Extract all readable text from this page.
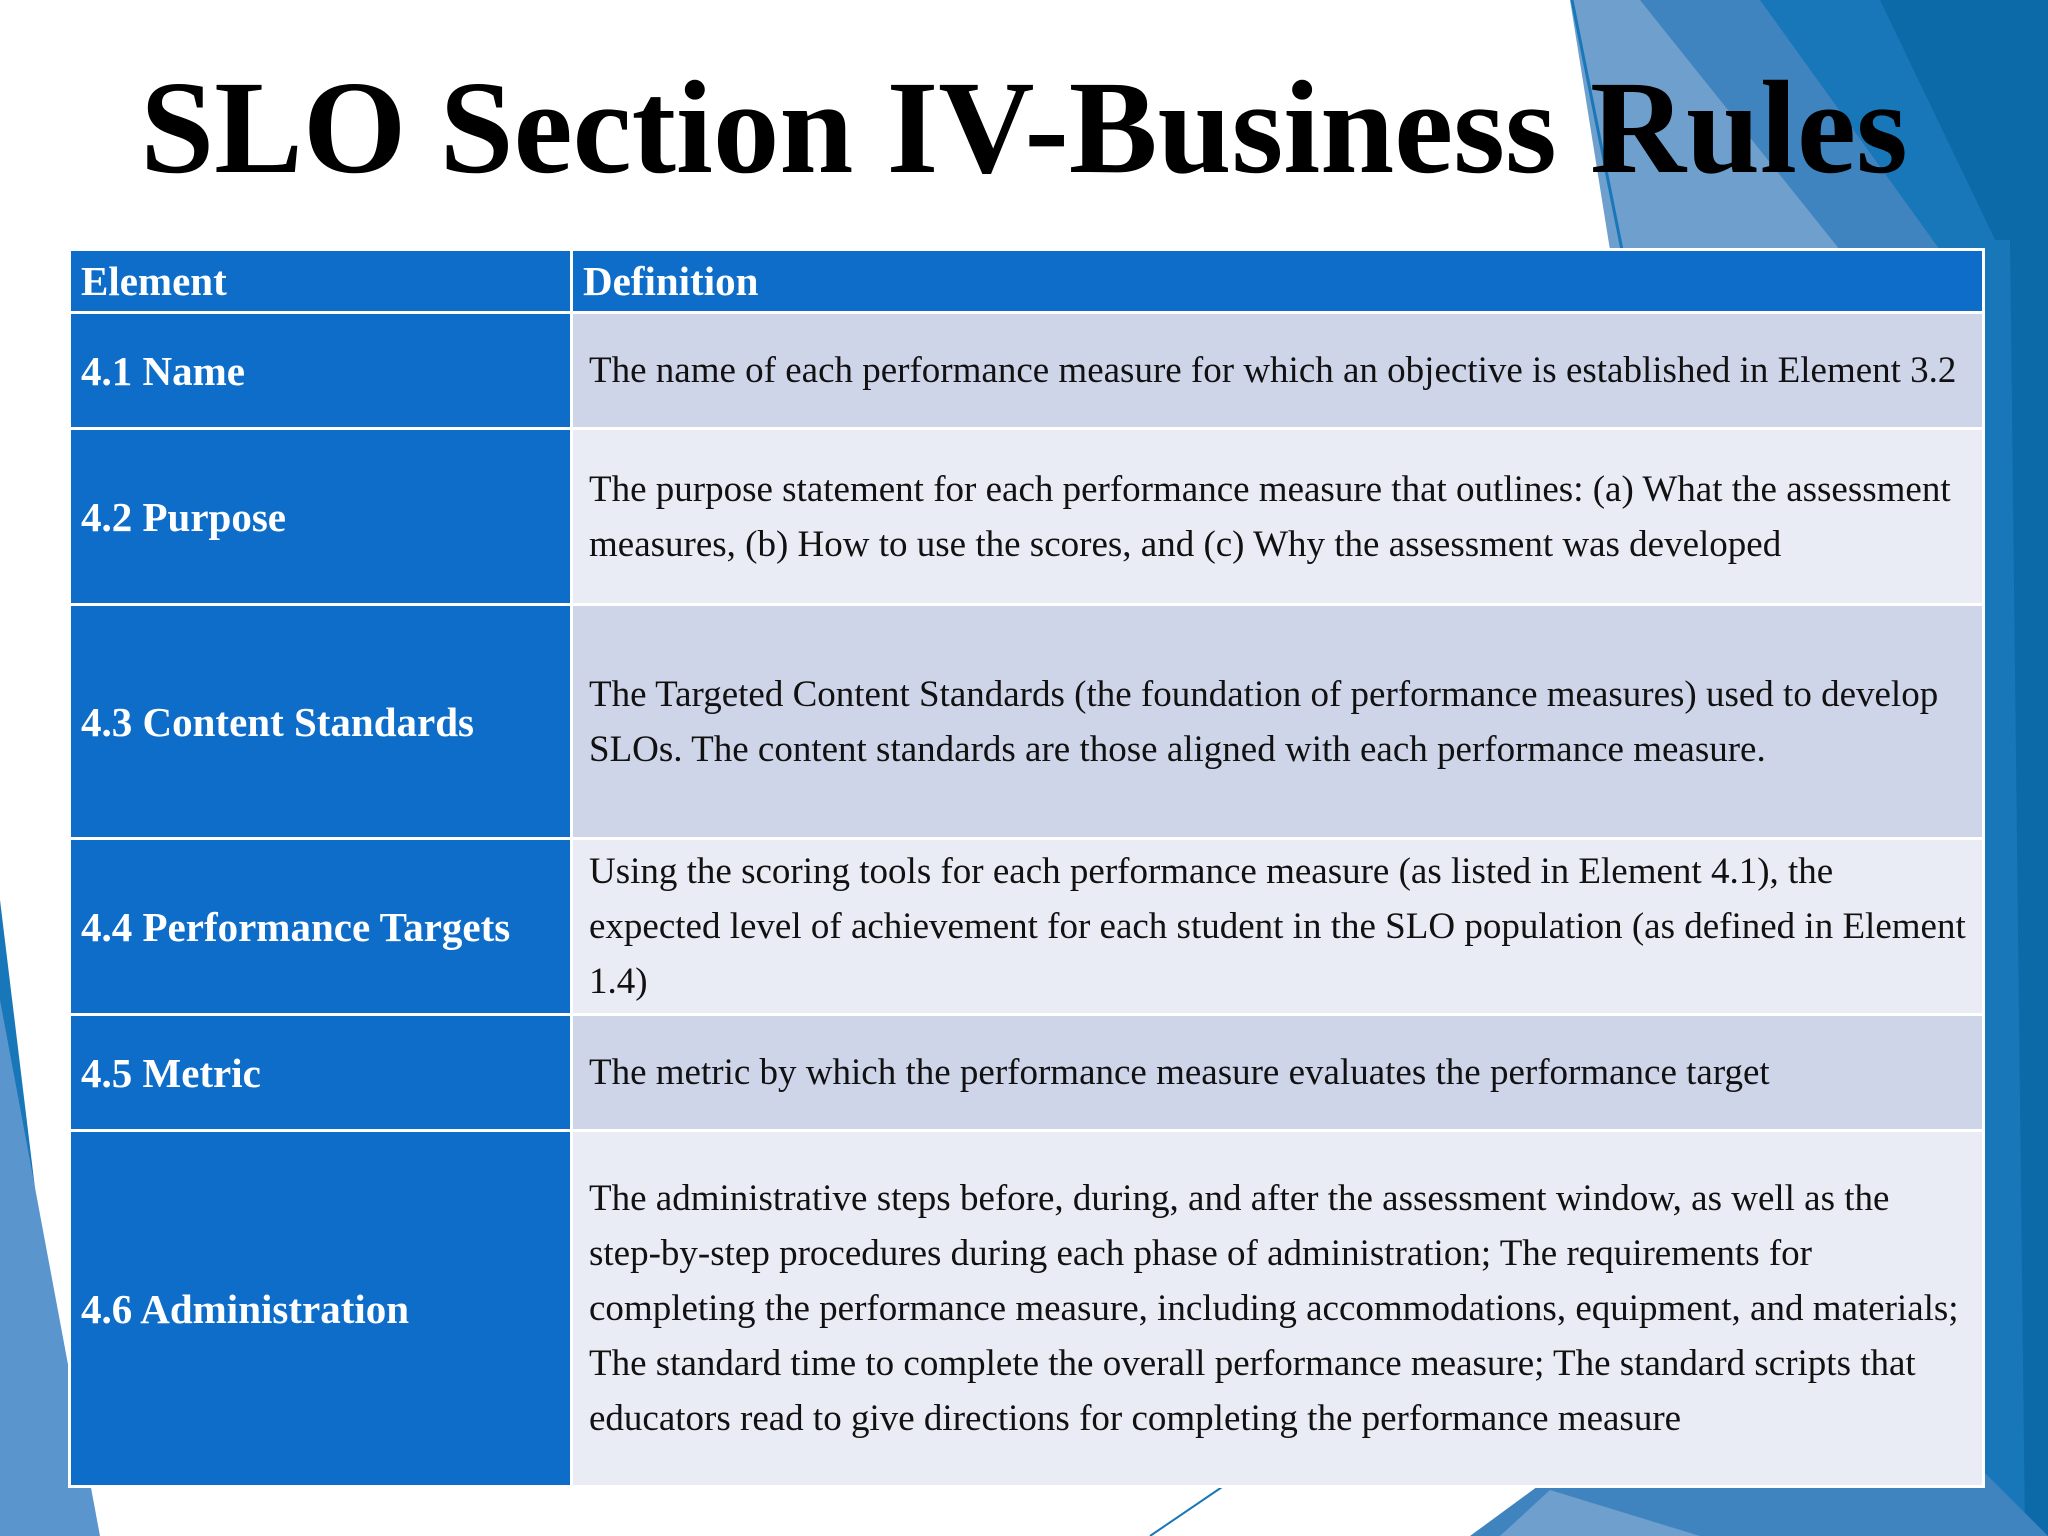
SLO Section IV-Business Rules
Element	Definition
4.1 Name	The name of each performance measure for which an objective is established in Element 3.2
4.2 Purpose	The purpose statement for each performance measure that outlines: (a) What the assessment measures, (b) How to use the scores, and (c) Why the assessment was developed
4.3 Content Standards	The Targeted Content Standards (the foundation of performance measures) used to develop SLOs. The content standards are those aligned with each performance measure.
4.4 Performance Targets	Using the scoring tools for each performance measure (as listed in Element 4.1), the expected level of achievement for each student in the SLO population (as defined in Element 1.4)
4.5 Metric	The metric by which the performance measure evaluates the performance target
4.6 Administration	The administrative steps before, during, and after the assessment window, as well as the step-by-step procedures during each phase of administration; The requirements for completing the performance measure, including accommodations, equipment, and materials; The standard time to complete the overall performance measure; The standard scripts that educators read to give directions for completing the performance measure
